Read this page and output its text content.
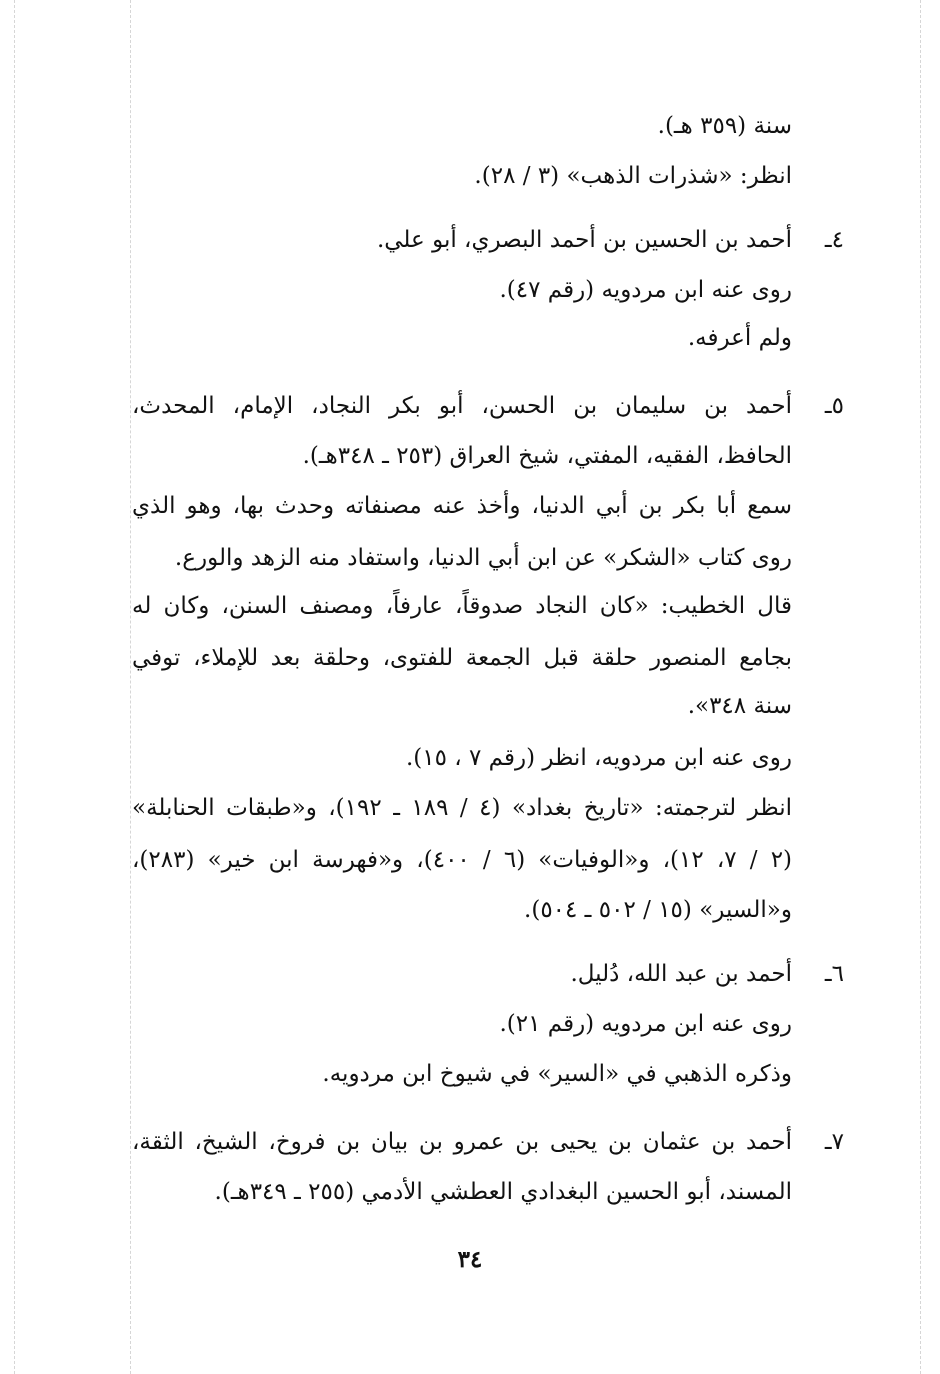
سنة (٣٥٩ هـ).
انظر: «شذرات الذهب» (٣ / ٢٨).
٤ـ
أحمد بن الحسين بن أحمد البصري، أبو علي.
روى عنه ابن مردويه (رقم ٤٧).
ولم أعرفه.
٥ـ
أحمد بن سليمان بن الحسن، أبو بكر النجاد، الإمام، المحدث،
الحافظ، الفقيه، المفتي، شيخ العراق (٢٥٣ ـ ٣٤٨هـ).
سمع أبا بكر بن أبي الدنيا، وأخذ عنه مصنفاته وحدث بها، وهو الذي
روى كتاب «الشكر» عن ابن أبي الدنيا، واستفاد منه الزهد والورع.
قال الخطيب: «كان النجاد صدوقاً، عارفاً، ومصنف السنن، وكان له
بجامع المنصور حلقة قبل الجمعة للفتوى، وحلقة بعد للإملاء، توفي
سنة ٣٤٨».
روى عنه ابن مردويه، انظر (رقم ٧ ، ١٥).
انظر لترجمته: «تاريخ بغداد» (٤ / ١٨٩ ـ ١٩٢)، و«طبقات الحنابلة»
(٢ / ٧، ١٢)، و«الوفيات» (٦ / ٤٠٠)، و«فهرسة ابن خير» (٢٨٣)،
و«السير» (١٥ / ٥٠٢ ـ ٥٠٤).
٦ـ
أحمد بن عبد الله، دُليل.
روى عنه ابن مردويه (رقم ٢١).
وذكره الذهبي في «السير» في شيوخ ابن مردويه.
٧ـ
أحمد بن عثمان بن يحيى بن عمرو بن بيان بن فروخ، الشيخ، الثقة،
المسند، أبو الحسين البغدادي العطشي الأدمي (٢٥٥ ـ ٣٤٩هـ).
٣٤
